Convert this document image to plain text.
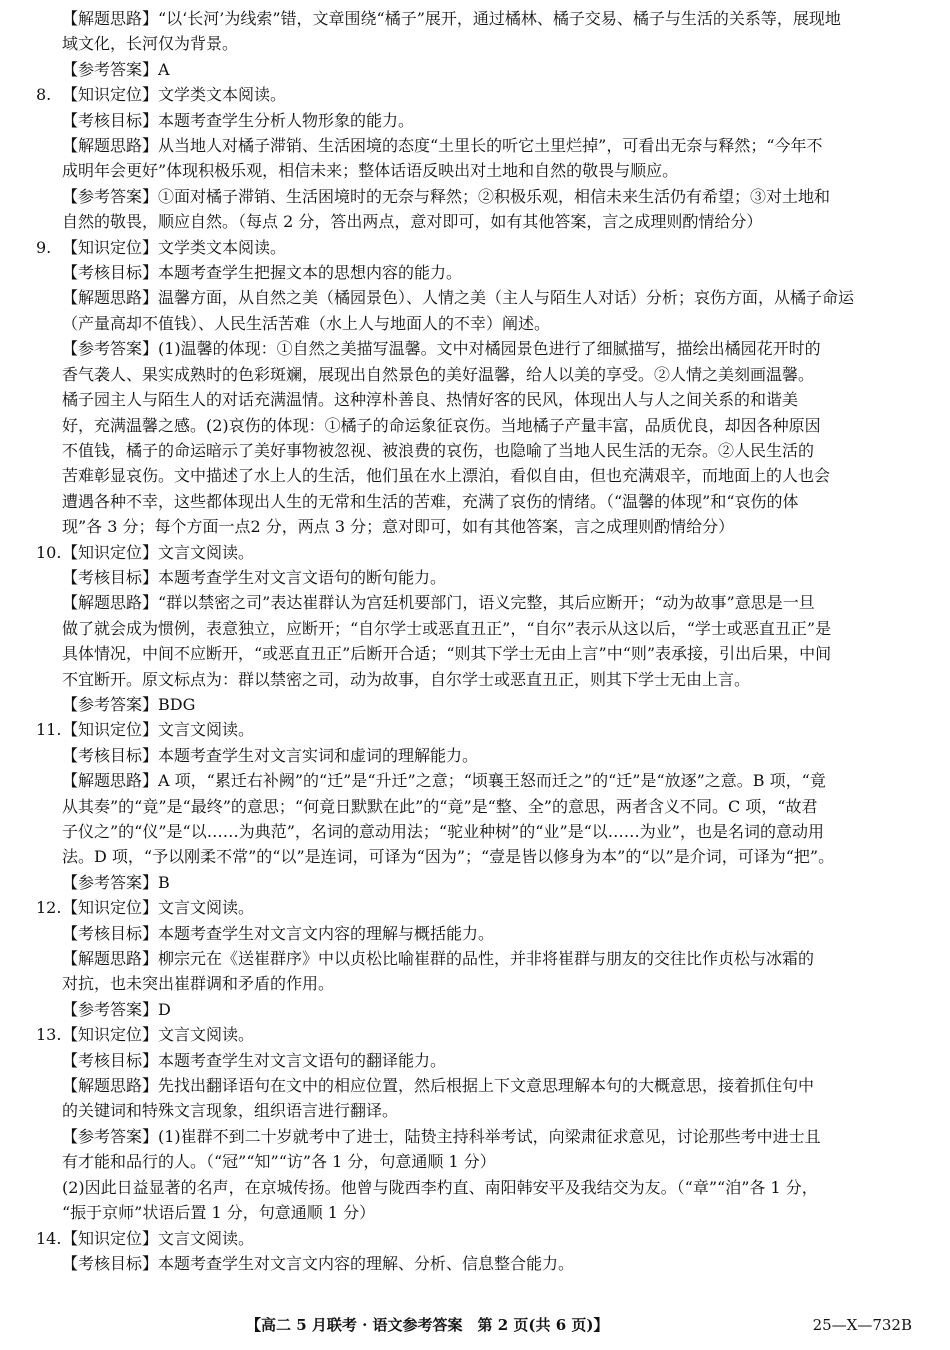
【解题思路】“以‘长河’为线索”错，文章围绕“橘子”展开，通过橘林、橘子交易、橘子与生活的关系等，展现地
域文化，长河仅为背景。
【参考答案】A
8. 【知识定位】文学类文本阅读。
【考核目标】本题考查学生分析人物形象的能力。
【解题思路】从当地人对橘子滞销、生活困境的态度“土里长的听它土里烂掉”，可看出无奈与释然；“今年不
成明年会更好”体现积极乐观，相信未来；整体话语反映出对土地和自然的敬畏与顺应。
【参考答案】①面对橘子滞销、生活困境时的无奈与释然；②积极乐观，相信未来生活仍有希望；③对土地和
自然的敬畏，顺应自然。（每点 2 分，答出两点，意对即可，如有其他答案，言之成理则酌情给分）
9. 【知识定位】文学类文本阅读。
【考核目标】本题考查学生把握文本的思想内容的能力。
【解题思路】温馨方面，从自然之美（橘园景色）、人情之美（主人与陌生人对话）分析；哀伤方面，从橘子命运
（产量高却不值钱）、人民生活苦难（水上人与地面人的不幸）阐述。
【参考答案】(1)温馨的体现：①自然之美描写温馨。文中对橘园景色进行了细腻描写，描绘出橘园花开时的
香气袭人、果实成熟时的色彩斑斓，展现出自然景色的美好温馨，给人以美的享受。②人情之美刻画温馨。
橘子园主人与陌生人的对话充满温情。这种淳朴善良、热情好客的民风，体现出人与人之间关系的和谐美
好，充满温馨之感。(2)哀伤的体现：①橘子的命运象征哀伤。当地橘子产量丰富，品质优良，却因各种原因
不值钱，橘子的命运暗示了美好事物被忽视、被浪费的哀伤，也隐喻了当地人民生活的无奈。②人民生活的
苦难彰显哀伤。文中描述了水上人的生活，他们虽在水上漂泊，看似自由，但也充满艰辛，而地面上的人也会
遭遇各种不幸，这些都体现出人生的无常和生活的苦难，充满了哀伤的情绪。（“温馨的体现”和“哀伤的体
现”各 3 分；每个方面一点2 分，两点 3 分；意对即可，如有其他答案，言之成理则酌情给分）
10.【知识定位】文言文阅读。
【考核目标】本题考查学生对文言文语句的断句能力。
【解题思路】“群以禁密之司”表达崔群认为宫廷机要部门，语义完整，其后应断开；“动为故事”意思是一旦
做了就会成为惯例，表意独立，应断开；“自尔学士或恶直丑正”，“自尔”表示从这以后，“学士或恶直丑正”是
具体情况，中间不应断开，“或恶直丑正”后断开合适；“则其下学士无由上言”中“则”表承接，引出后果，中间
不宜断开。原文标点为：群以禁密之司，动为故事，自尔学士或恶直丑正，则其下学士无由上言。
【参考答案】BDG
11.【知识定位】文言文阅读。
【考核目标】本题考查学生对文言实词和虚词的理解能力。
【解题思路】A 项，“累迁右补阙”的“迁”是“升迁”之意；“顷襄王怒而迁之”的“迁”是“放逐”之意。B 项，“竟
从其奏”的“竟”是“最终”的意思；“何竟日默默在此”的“竟”是“整、全”的意思，两者含义不同。C 项，“故君
子仪之”的“仪”是“以……为典范”，名词的意动用法；“驼业种树”的“业”是“以……为业”，也是名词的意动用
法。D 项，“予以刚柔不常”的“以”是连词，可译为“因为”；“壹是皆以修身为本”的“以”是介词，可译为“把”。
【参考答案】B
12.【知识定位】文言文阅读。
【考核目标】本题考查学生对文言文内容的理解与概括能力。
【解题思路】柳宗元在《送崔群序》中以贞松比喻崔群的品性，并非将崔群与朋友的交往比作贞松与冰霜的
对抗，也未突出崔群调和矛盾的作用。
【参考答案】D
13.【知识定位】文言文阅读。
【考核目标】本题考查学生对文言文语句的翻译能力。
【解题思路】先找出翻译语句在文中的相应位置，然后根据上下文意思理解本句的大概意思，接着抓住句中
的关键词和特殊文言现象，组织语言进行翻译。
【参考答案】(1)崔群不到二十岁就考中了进士，陆贽主持科举考试，向梁肃征求意见，讨论那些考中进士且
有才能和品行的人。（“冠”“知”“访”各 1 分，句意通顺 1 分）
(2)因此日益显著的名声，在京城传扬。他曾与陇西李杓直、南阳韩安平及我结交为友。（“章”“洎”各 1 分，
“振于京师”状语后置 1 分，句意通顺 1 分）
14.【知识定位】文言文阅读。
【考核目标】本题考查学生对文言文内容的理解、分析、信息整合能力。
【高二 5 月联考 · 语文参考答案　第 2 页(共 6 页)】	25—X—732B
